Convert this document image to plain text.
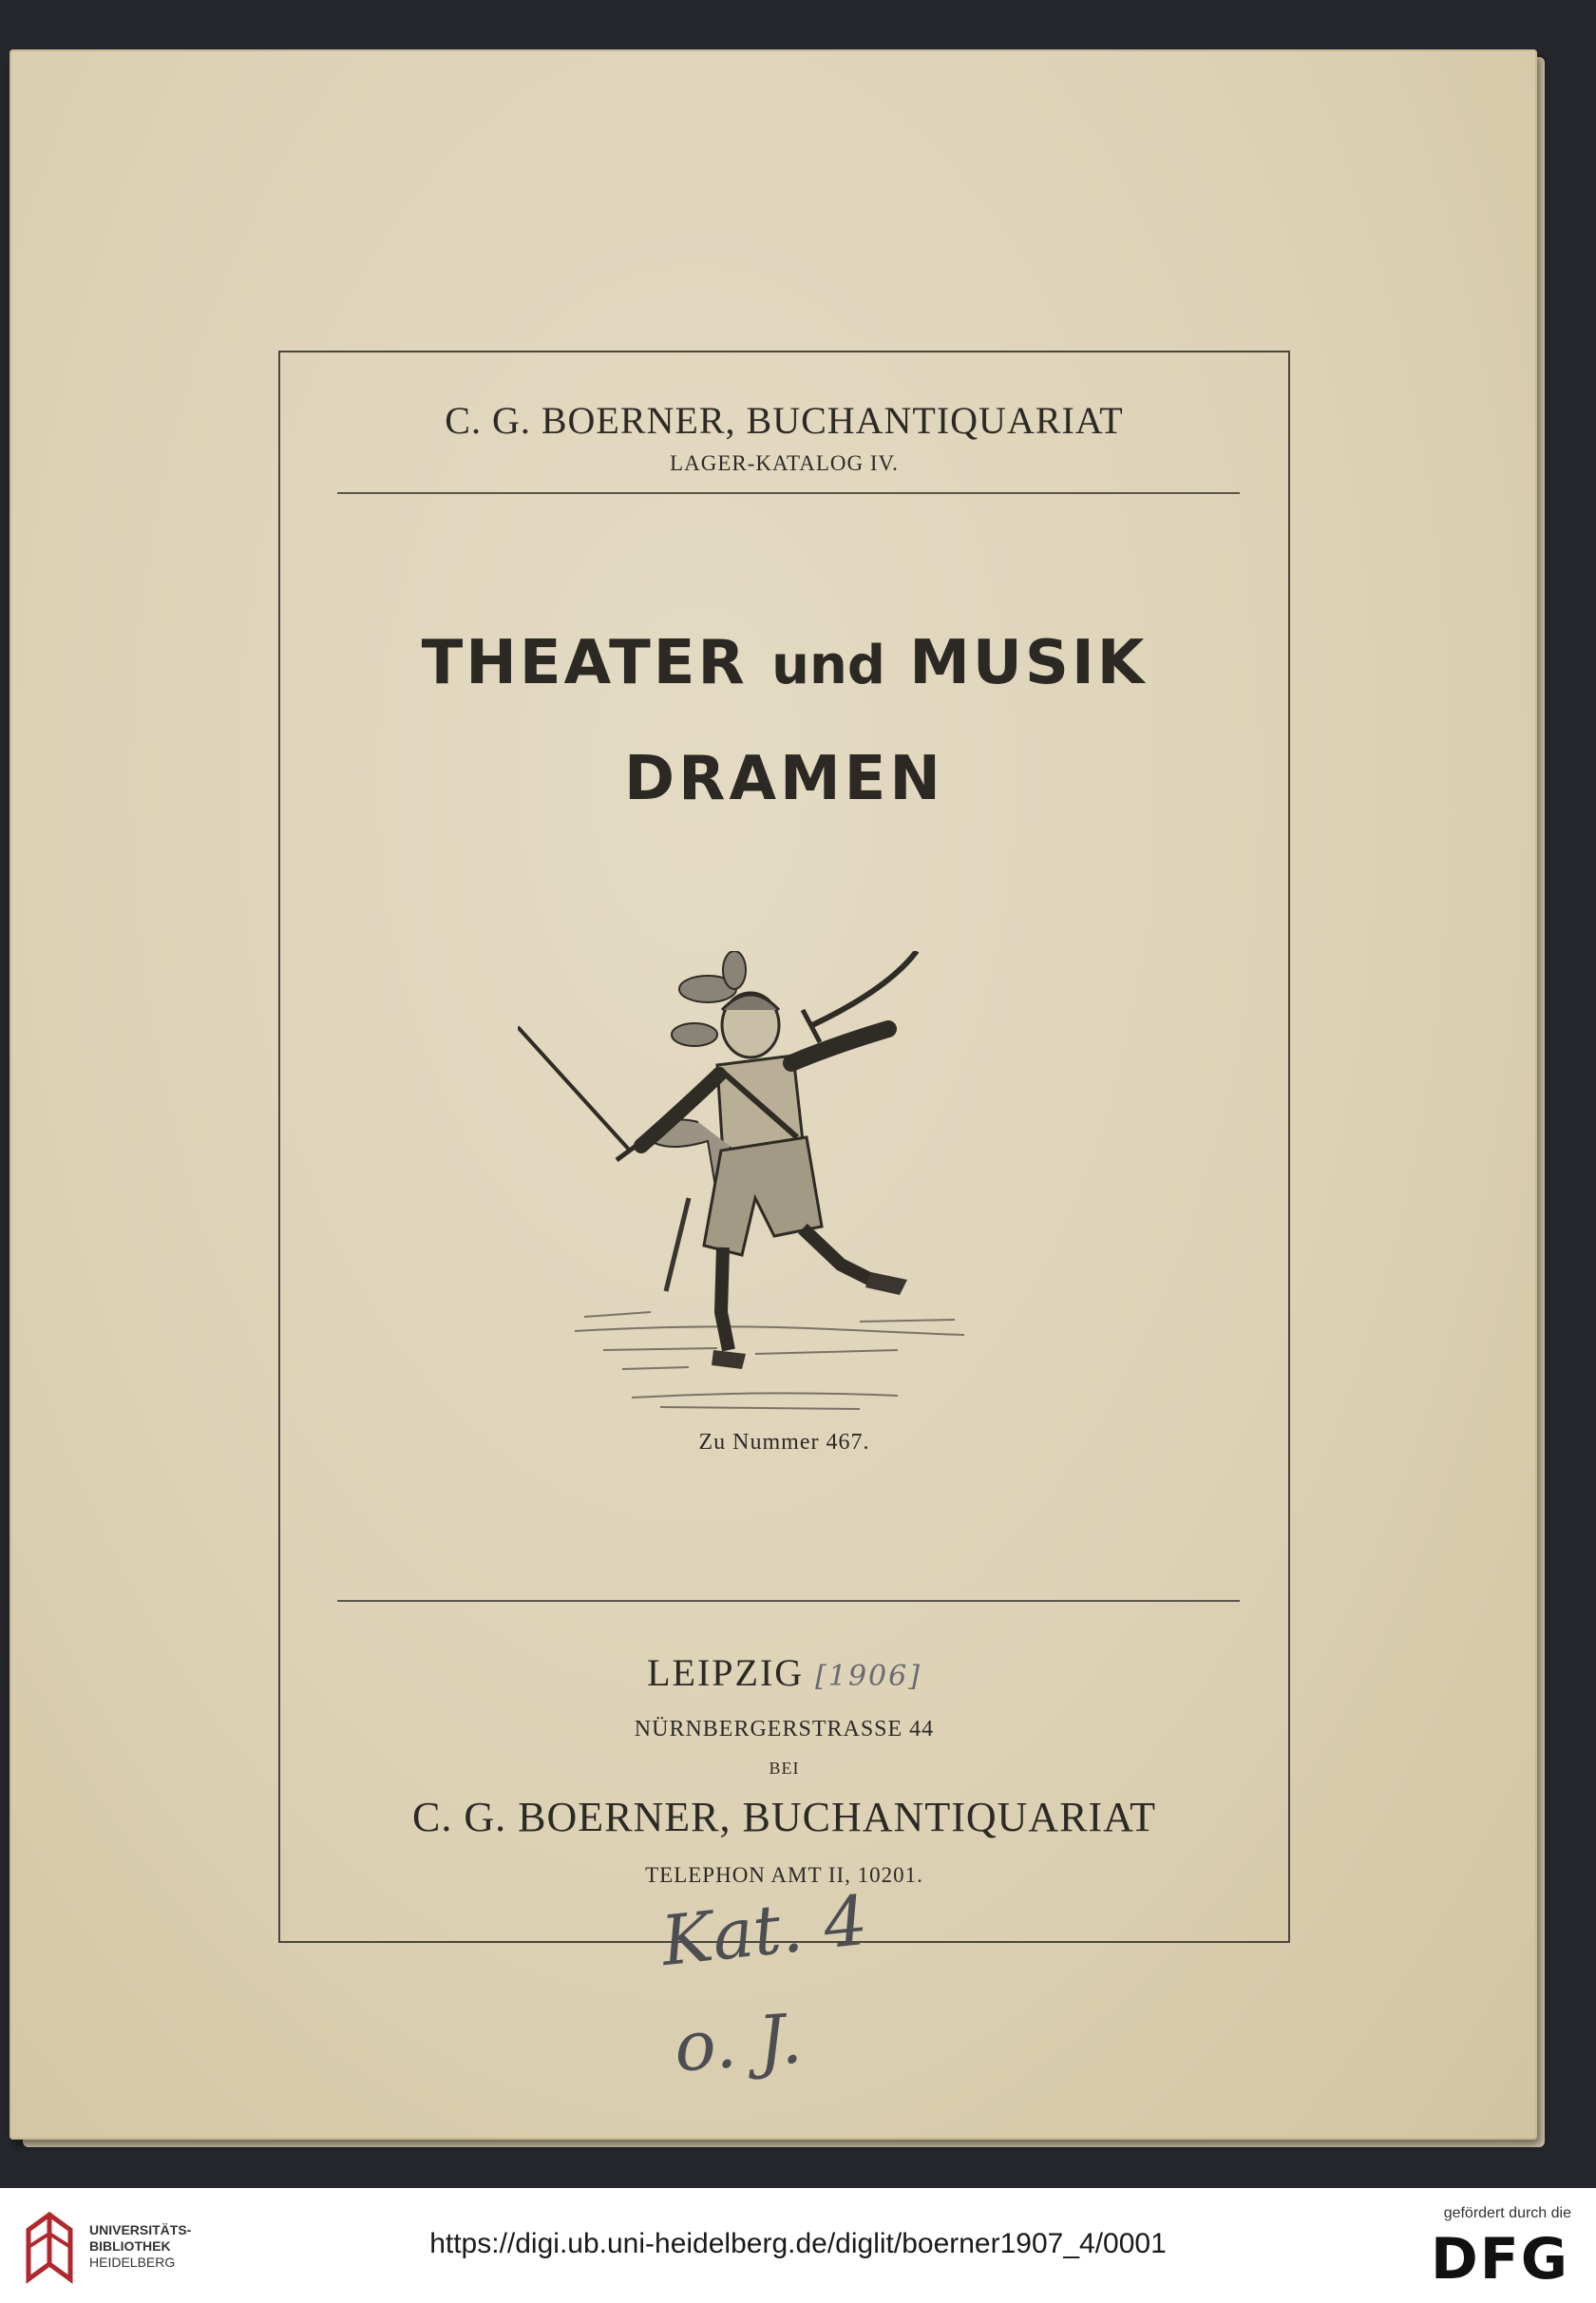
C. G. BOERNER, BUCHANTIQUARIAT
LAGER-KATALOG IV.
THEATER und MUSIK
DRAMEN
Zu Nummer 467.
LEIPZIG [1906]
NÜRNBERGERSTRASSE 44
BEI
C. G. BOERNER, BUCHANTIQUARIAT
TELEPHON AMT II, 10201.
Kat. 4
o. J.
UNIVERSITÄTS-
BIBLIOTHEK
HEIDELBERG
https://digi.ub.uni-heidelberg.de/diglit/boerner1907_4/0001
gefördert durch die
DFG
